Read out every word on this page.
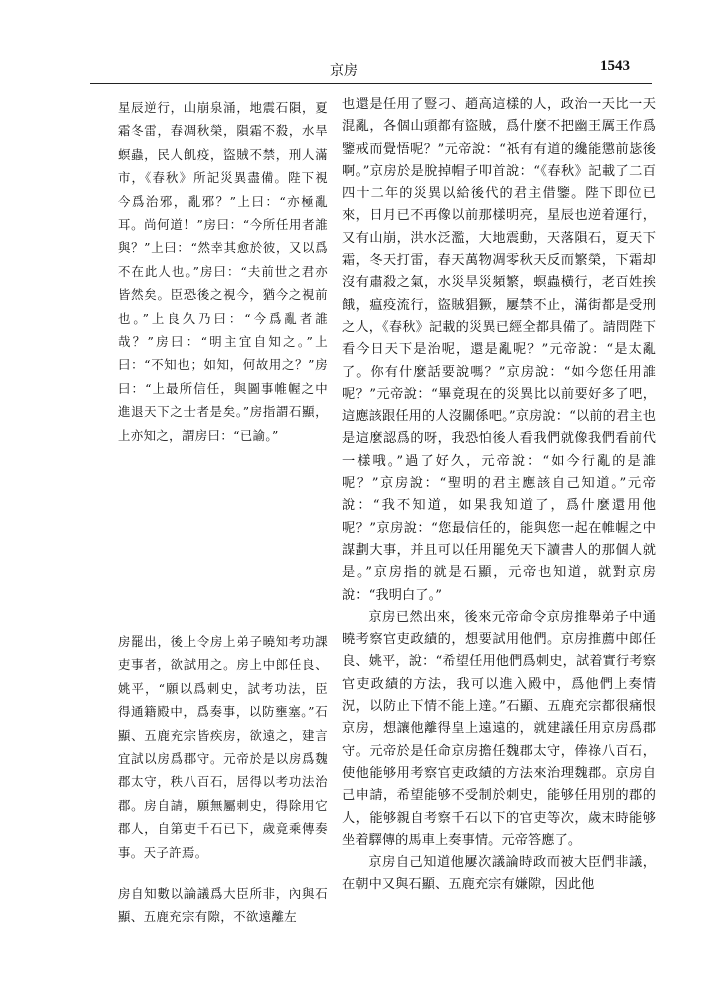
京房	1543

星辰逆行，山崩泉涌，地震石隕，夏霜冬雷，春凋秋榮，隕霜不殺，水旱螟蟲，民人飢疫，盜賊不禁，刑人滿市，《春秋》所記災異盡備。陛下視今爲治邪，亂邪？”上曰：“亦極亂耳。尚何道！”房曰：“今所任用者誰與？”上曰：“然幸其愈於彼，又以爲不在此人也。”房曰：“夫前世之君亦皆然矣。臣恐後之視今，猶今之視前也。”上良久乃曰：“今爲亂者誰哉？”房曰：“明主宜自知之。”上曰：“不知也；如知，何故用之？”房曰：“上最所信任，與圖事帷幄之中進退天下之士者是矣。”房指謂石顯，上亦知之，謂房曰：“已諭。”

房罷出，後上令房上弟子曉知考功課吏事者，欲試用之。房上中郎任良、姚平，“願以爲刺史，試考功法，臣得通籍殿中，爲奏事，以防壅塞。”石顯、五鹿充宗皆疾房，欲遠之，建言宜試以房爲郡守。元帝於是以房爲魏郡太守，秩八百石，居得以考功法治郡。房自請，願無屬刺史，得除用它郡人，自第吏千石已下，歲竟乘傳奏事。天子許焉。

房自知數以論議爲大臣所非，內與石顯、五鹿充宗有隙，不欲遠離左

也還是任用了豎刁、趙高這樣的人，政治一天比一天混亂，各個山頭都有盜賊，爲什麼不把幽王厲王作爲鑒戒而覺悟呢？”元帝說：“祇有有道的纔能懲前毖後啊。”京房於是脫掉帽子叩首說：“《春秋》記載了二百四十二年的災異以給後代的君主借鑒。陛下即位已來，日月已不再像以前那樣明亮，星辰也逆着運行，又有山崩，洪水泛濫，大地震動，天落隕石，夏天下霜，冬天打雷，春天萬物凋零秋天反而繁榮，下霜却沒有肅殺之氣，水災旱災頻繁，螟蟲橫行，老百姓挨餓，瘟疫流行，盜賊猖獗，屢禁不止，滿街都是受刑之人，《春秋》記載的災異已經全都具備了。請問陛下看今日天下是治呢，還是亂呢？”元帝說：“是太亂了。你有什麼話要說嗎？”京房說：“如今您任用誰呢？”元帝說：“畢竟現在的災異比以前要好多了吧，這應該跟任用的人沒關係吧。”京房說：“以前的君主也是這麼認爲的呀，我恐怕後人看我們就像我們看前代一樣哦。”過了好久，元帝說：“如今行亂的是誰呢？”京房說：“聖明的君主應該自己知道。”元帝說：“我不知道，如果我知道了，爲什麼還用他呢？”京房說：“您最信任的，能與您一起在帷幄之中謀劃大事，并且可以任用罷免天下讀書人的那個人就是。”京房指的就是石顯，元帝也知道，就對京房說：“我明白了。”

京房已然出來，後來元帝命令京房推舉弟子中通曉考察官吏政績的，想要試用他們。京房推薦中郎任良、姚平，說：“希望任用他們爲刺史，試着實行考察官吏政績的方法，我可以進入殿中，爲他們上奏情況，以防止下情不能上達。”石顯、五鹿充宗都很痛恨京房，想讓他離得皇上遠遠的，就建議任用京房爲郡守。元帝於是任命京房擔任魏郡太守，俸祿八百石，使他能够用考察官吏政績的方法來治理魏郡。京房自己申請，希望能够不受制於刺史，能够任用別的郡的人，能够親自考察千石以下的官吏等次，歲末時能够坐着驛傳的馬車上奏事情。元帝答應了。

京房自己知道他屢次議論時政而被大臣們非議，在朝中又與石顯、五鹿充宗有嫌隙，因此他
